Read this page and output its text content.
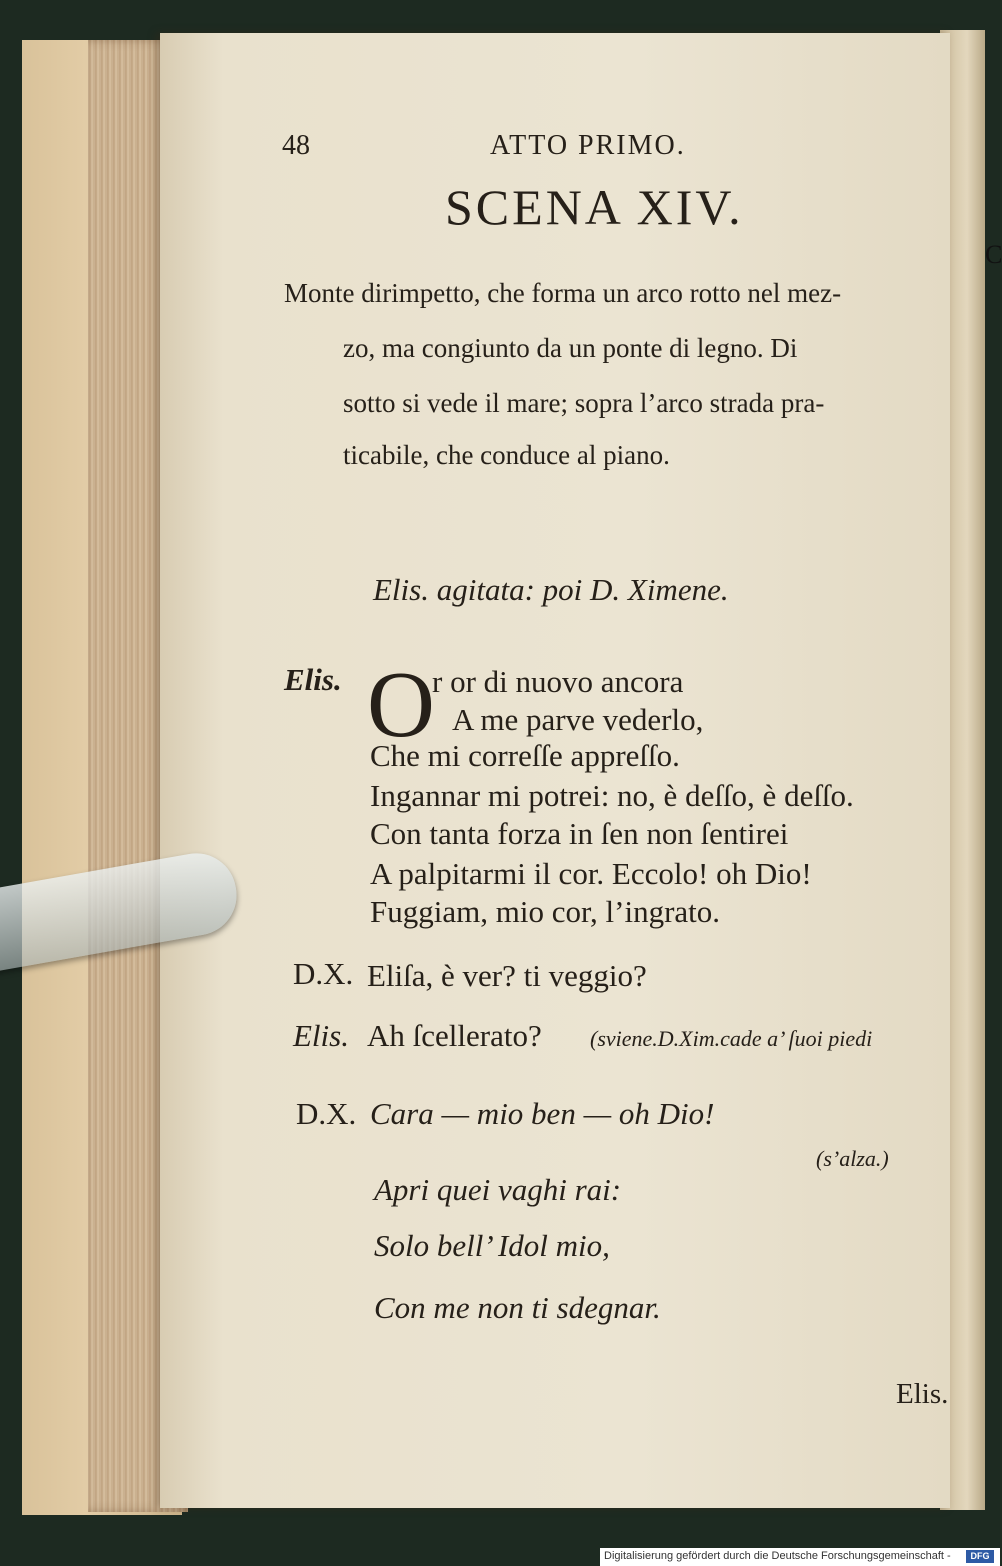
48	ATTO PRIMO.
SCENA XIV.
Monte dirimpetto, che forma un arco rotto nel mez-
zo, ma congiunto da un ponte di legno. Di
sotto si vede il mare; sopra l’arco strada pra-
ticabile, che conduce al piano.
Elis. agitata: poi D. Ximene.
Elis. O
r or di nuovo ancora
A me parve vederlo,
Che mi correſſe appreſſo.
Ingannar mi potrei: no, è deſſo, è deſſo.
Con tanta forza in ſen non ſentirei
A palpitarmi il cor. Eccolo! oh Dio!
Fuggiam, mio cor, l’ingrato.
D.X. Eliſa, è ver? ti veggio?
Elis. Ah ſcellerato? (sviene.D.Xim.cade a’ ſuoi piedi
D.X. Cara — mio ben — oh Dio!
(s’alza.)
Apri quei vaghi rai:
Solo bell’ Idol mio,
Con me non ti sdegnar.
Elis.
C
Digitalisierung gefördert durch die Deutsche Forschungsgemeinschaft -	DFG
